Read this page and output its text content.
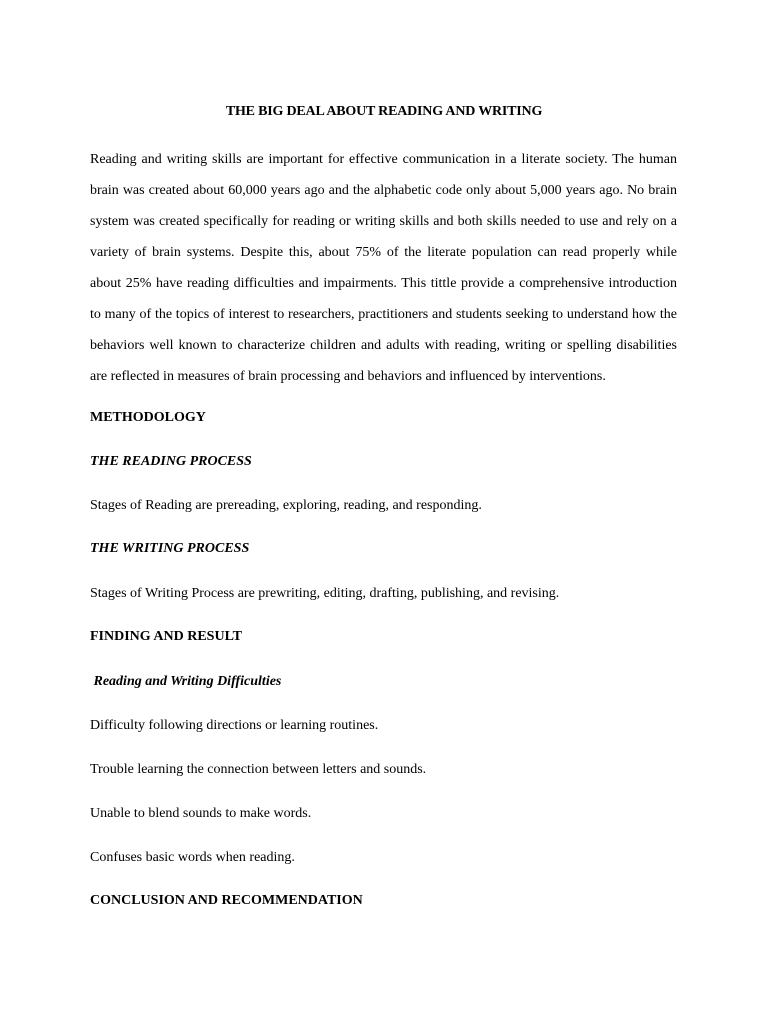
THE BIG DEAL ABOUT READING AND WRITING

Reading and writing skills are important for effective communication in a literate society. The human brain was created about 60,000 years ago and the alphabetic code only about 5,000 years ago. No brain system was created specifically for reading or writing skills and both skills needed to use and rely on a variety of brain systems. Despite this, about 75% of the literate population can read properly while about 25% have reading difficulties and impairments. This tittle provide a comprehensive introduction to many of the topics of interest to researchers, practitioners and students seeking to understand how the behaviors well known to characterize children and adults with reading, writing or spelling disabilities are reflected in measures of brain processing and behaviors and influenced by interventions.

METHODOLOGY
THE READING PROCESS
Stages of Reading are prereading, exploring, reading, and responding.
THE WRITING PROCESS
Stages of Writing Process are prewriting, editing, drafting, publishing, and revising.
FINDING AND RESULT
Reading and Writing Difficulties
Difficulty following directions or learning routines.
Trouble learning the connection between letters and sounds.
Unable to blend sounds to make words.
Confuses basic words when reading.
CONCLUSION AND RECOMMENDATION
